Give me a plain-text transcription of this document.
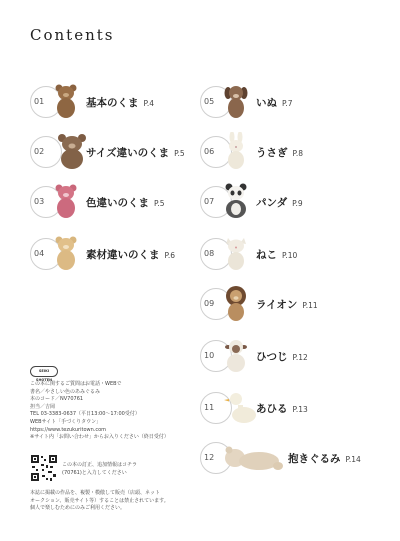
Contents
01	基本のくま P.4
02	サイズ違いのくま P.5
03	色違いのくま P.5
04	素材違いのくま P.6
05	いぬ P.7
06	うさぎ P.8
07	パンダ P.9
08	ねこ P.10
09	ライオン P.11
10	ひつじ P.12
11	あひる P.13
12	抱きぐるみ P.14
SEIKI SHOTEN
この本に関するご質問はお電話・WEBで
書名／やさしい色のあみぐるみ
本のコード／NV70761
担当／吉岡
TEL 03-3383-0637（平日13:00〜17:00受付）
WEBサイト「手づくりタウン」
https://www.tezukuritown.com
※サイト内「お問い合わせ」からお入りください（終日受付）
この本の訂正、追加情報はコチラ
(70761)と入力してください
本誌に掲載の作品を、複製・模倣して販売（店頭、ネット
オークション、販売サイト等）することは禁止されています。
個人で楽しむためにのみご利用ください。
